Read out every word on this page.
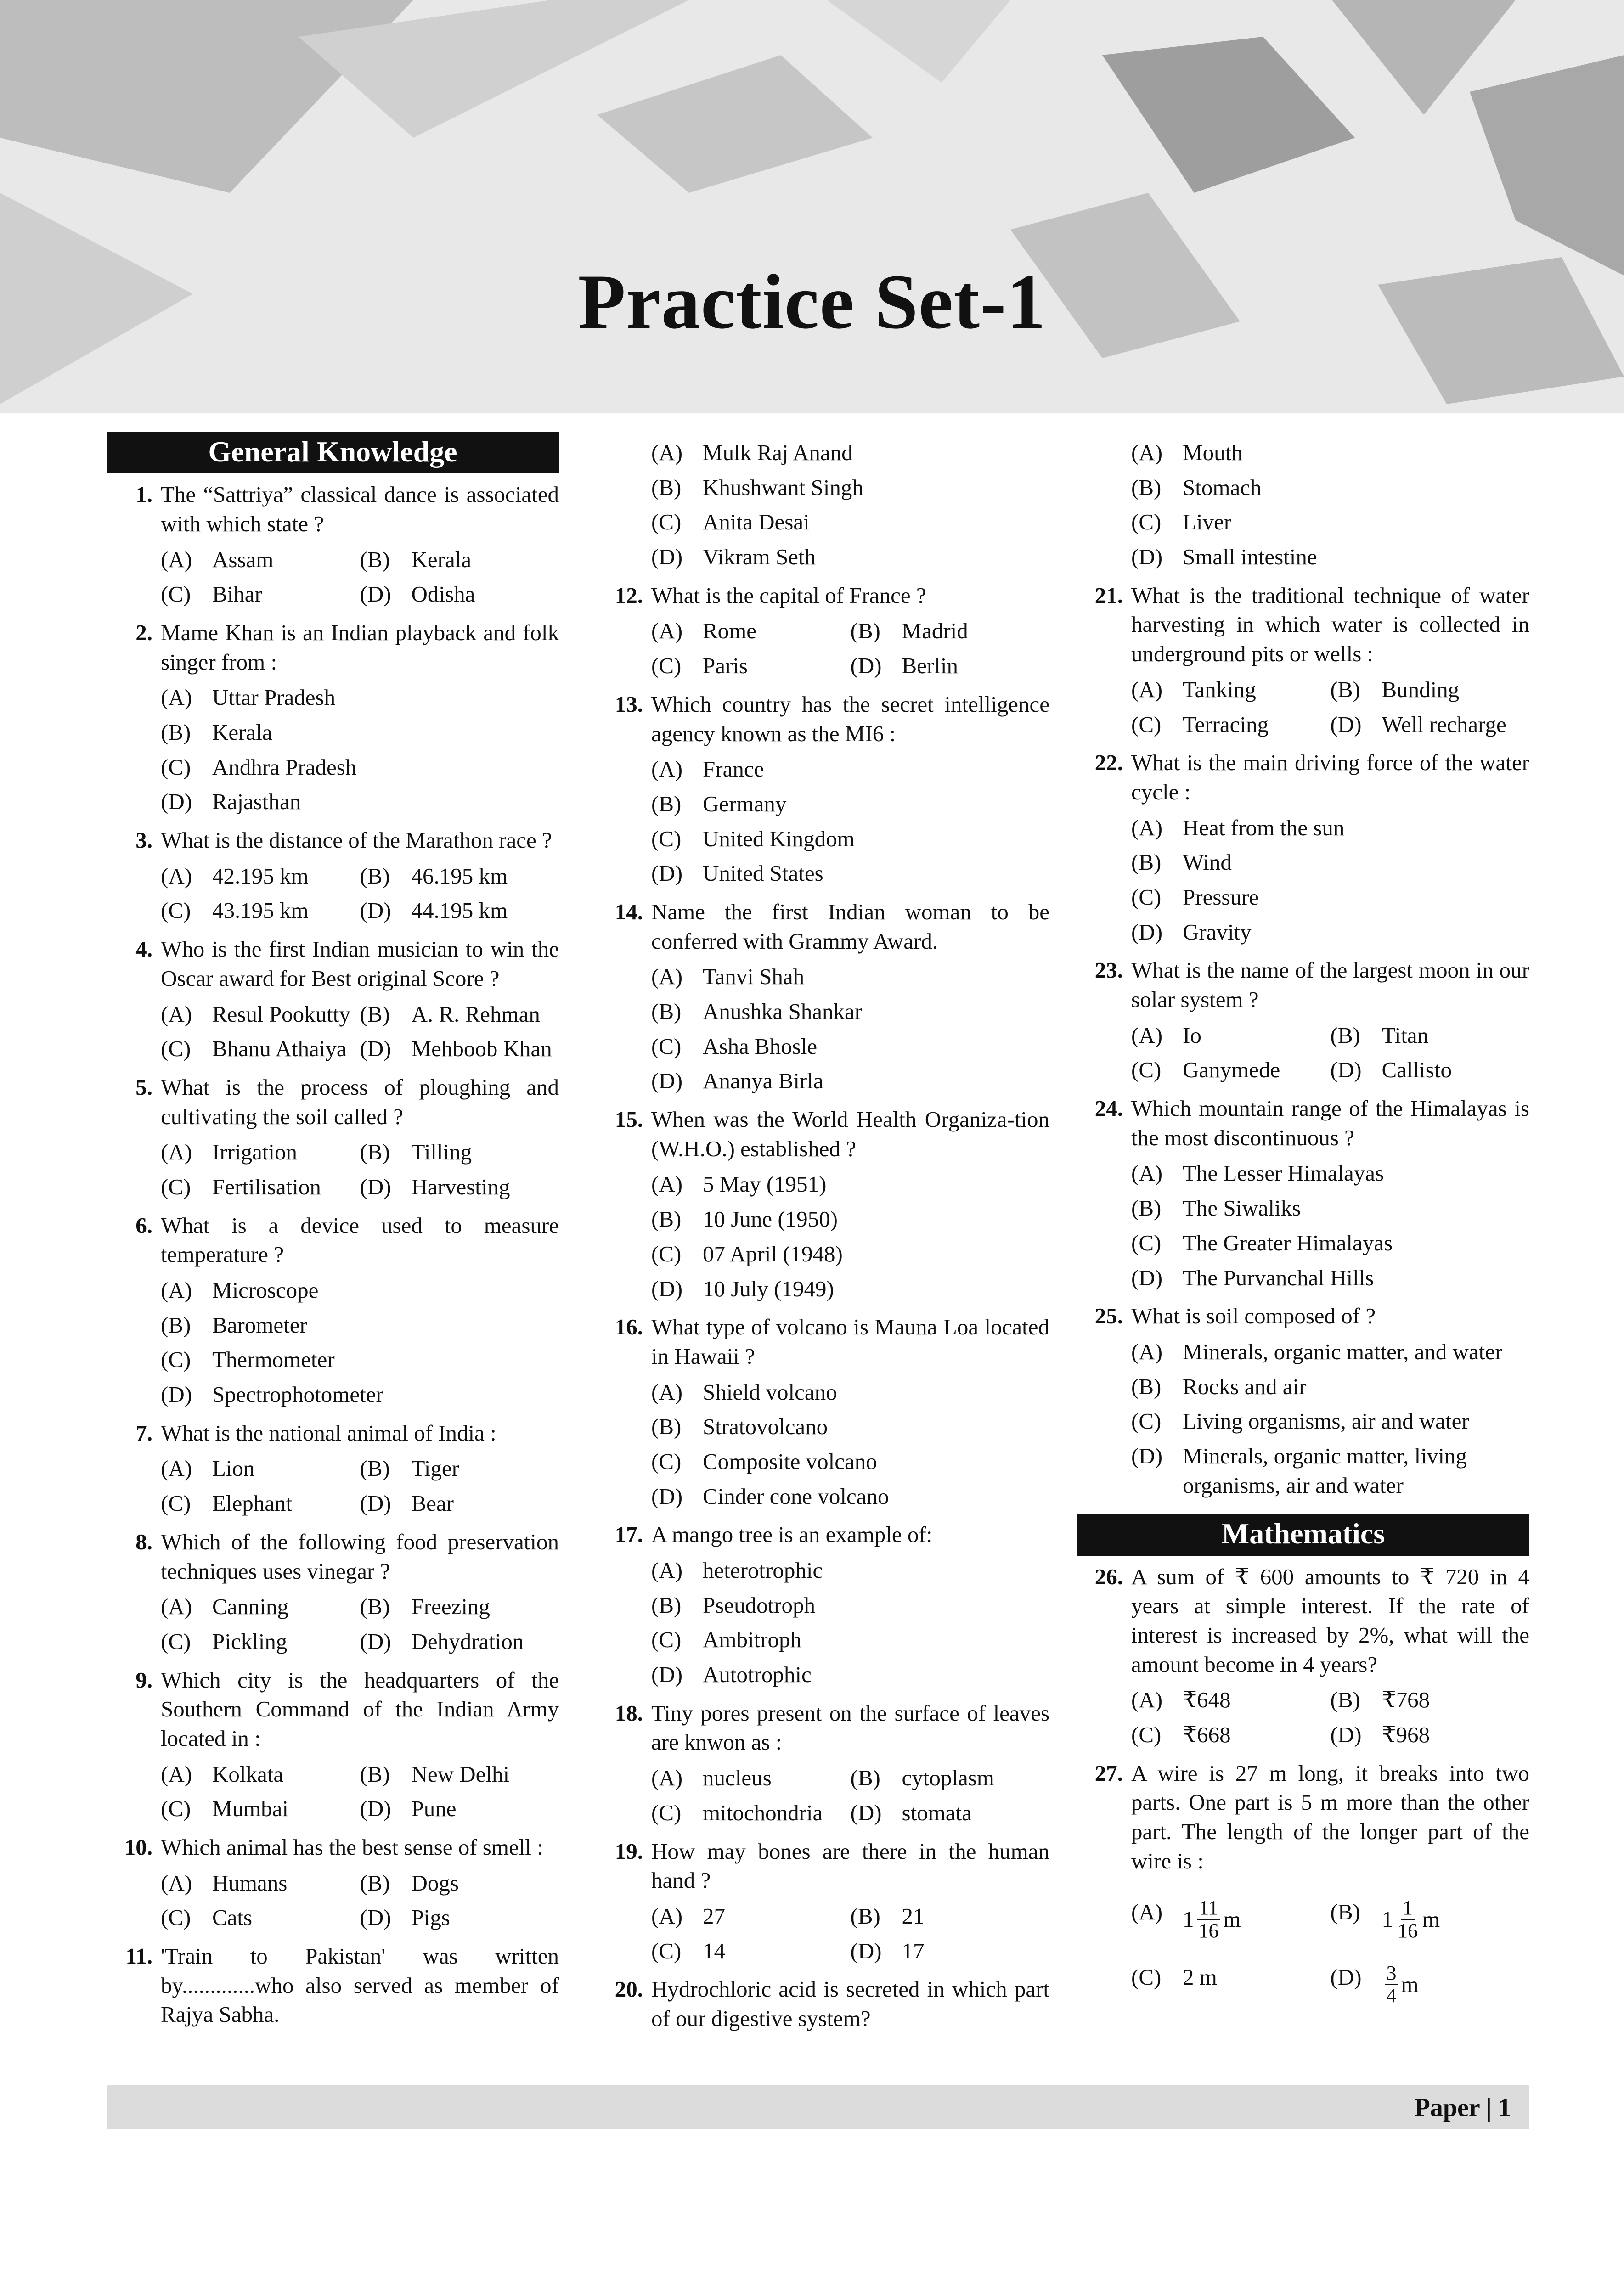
Practice Set-1
General Knowledge
1. The “Sattriya” classical dance is associated with which state ?
(A) Assam	(B) Kerala
(C) Bihar	(D) Odisha
2. Mame Khan is an Indian playback and folk singer from :
(A) Uttar Pradesh
(B) Kerala
(C) Andhra Pradesh
(D) Rajasthan
3. What is the distance of the Marathon race ?
(A) 42.195 km (B) 46.195 km
(C) 43.195 km (D) 44.195 km
4. Who is the first Indian musician to win the Oscar award for Best original Score ?
(A) Resul Pookutty (B) A. R. Rehman
(C) Bhanu Athaiya (D) Mehboob Khan
5. What is the process of ploughing and cultivating the soil called ?
(A) Irrigation	(B) Tilling
(C) Fertilisation (D) Harvesting
6. What is a device used to measure temperature ?
(A) Microscope
(B) Barometer
(C) Thermometer
(D) Spectrophotometer
7. What is the national animal of India :
(A) Lion	(B) Tiger
(C) Elephant	(D) Bear
8. Which of the following food preservation techniques uses vinegar ?
(A) Canning	(B) Freezing
(C) Pickling	(D) Dehydration
9. Which city is the headquarters of the Southern Command of the Indian Army located in :
(A) Kolkata	(B) New Delhi
(C) Mumbai	(D) Pune
10. Which animal has the best sense of smell :
(A) Humans	(B) Dogs
(C) Cats	(D) Pigs
11. 'Train to Pakistan' was written by.............who also served as member of Rajya Sabha.
(A) Mulk Raj Anand
(B) Khushwant Singh
(C) Anita Desai
(D) Vikram Seth
12. What is the capital of France ?
(A) Rome	(B) Madrid
(C) Paris	(D) Berlin
13. Which country has the secret intelligence agency known as the MI6 :
(A) France
(B) Germany
(C) United Kingdom
(D) United States
14. Name the first Indian woman to be conferred with Grammy Award.
(A) Tanvi Shah
(B) Anushka Shankar
(C) Asha Bhosle
(D) Ananya Birla
15. When was the World Health Organiza-tion (W.H.O.) established ?
(A) 5 May (1951)
(B) 10 June (1950)
(C) 07 April (1948)
(D) 10 July (1949)
16. What type of volcano is Mauna Loa located in Hawaii ?
(A) Shield volcano
(B) Stratovolcano
(C) Composite volcano
(D) Cinder cone volcano
17. A mango tree is an example of:
(A) heterotrophic
(B) Pseudotroph
(C) Ambitroph
(D) Autotrophic
18. Tiny pores present on the surface of leaves are knwon as :
(A) nucleus	(B) cytoplasm
(C) mitochondria (D) stomata
19. How may bones are there in the human hand ?
(A) 27	(B) 21
(C) 14	(D) 17
20. Hydrochloric acid is secreted in which part of our digestive system?
(A) Mouth
(B) Stomach
(C) Liver
(D) Small intestine
21. What is the traditional technique of water harvesting in which water is collected in underground pits or wells :
(A) Tanking	(B) Bunding
(C) Terracing	(D) Well recharge
22. What is the main driving force of the water cycle :
(A) Heat from the sun
(B) Wind
(C) Pressure
(D) Gravity
23. What is the name of the largest moon in our solar system ?
(A) Io	(B) Titan
(C) Ganymede (D) Callisto
24. Which mountain range of the Himalayas is the most discontinuous ?
(A) The Lesser Himalayas
(B) The Siwaliks
(C) The Greater Himalayas
(D) The Purvanchal Hills
25. What is soil composed of ?
(A) Minerals, organic matter, and water
(B) Rocks and air
(C) Living organisms, air and water
(D) Minerals, organic matter, living organisms, air and water
Mathematics
26. A sum of ₹ 600 amounts to ₹ 720 in 4 years at simple interest. If the rate of interest is increased by 2%, what will the amount become in 4 years?
(A) ₹648	(B) ₹768
(C) ₹668	(D) ₹968
27. A wire is 27 m long, it breaks into two parts. One part is 5 m more than the other part. The length of the longer part of the wire is :
(A) $1 \frac{11}{16}$ m	(B) $1 \frac{1}{16}$ m
(C) 2 m	(D)	$\frac{3}{4}$ m
Paper | 1
